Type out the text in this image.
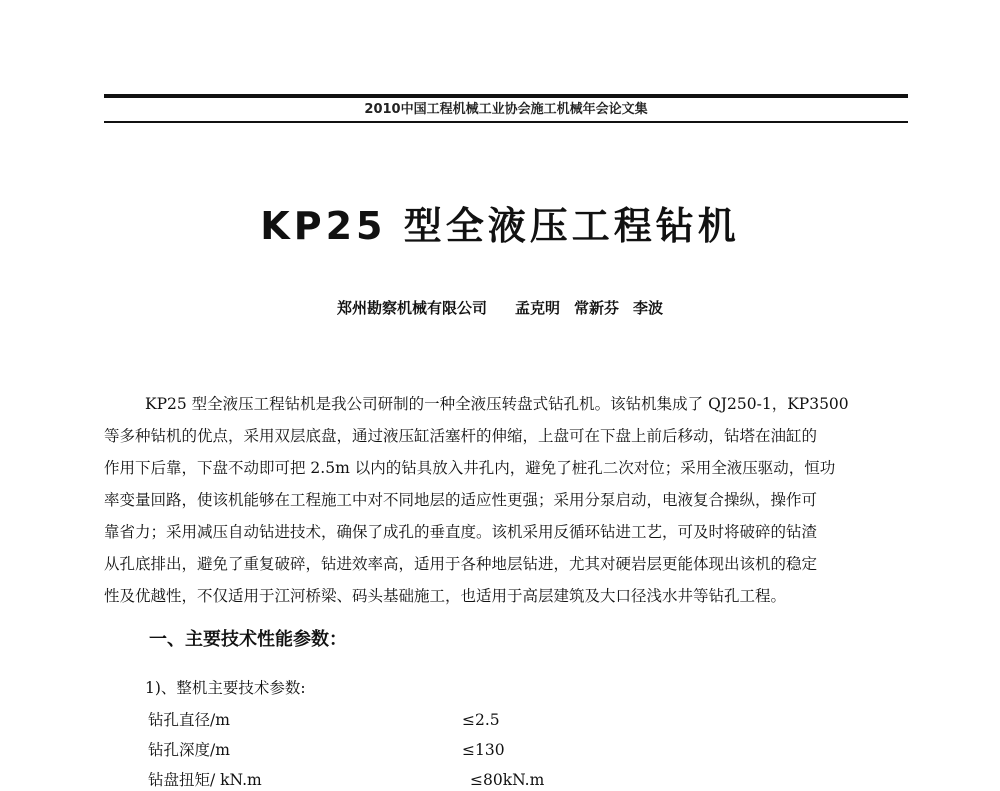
2010中国工程机械工业协会施工机械年会论文集
KP25 型全液压工程钻机
郑州勘察机械有限公司 孟克明 常新芬 李波
KP25 型全液压工程钻机是我公司研制的一种全液压转盘式钻孔机。该钻机集成了 QJ250-1，KP3500
等多种钻机的优点，采用双层底盘，通过液压缸活塞杆的伸缩，上盘可在下盘上前后移动，钻塔在油缸的
作用下后靠，下盘不动即可把 2.5m 以内的钻具放入井孔内，避免了桩孔二次对位；采用全液压驱动，恒功
率变量回路，使该机能够在工程施工中对不同地层的适应性更强；采用分泵启动，电液复合操纵，操作可
靠省力；采用减压自动钻进技术，确保了成孔的垂直度。该机采用反循环钻进工艺，可及时将破碎的钻渣
从孔底排出，避免了重复破碎，钻进效率高，适用于各种地层钻进，尤其对硬岩层更能体现出该机的稳定
性及优越性，不仅适用于江河桥梁、码头基础施工，也适用于高层建筑及大口径浅水井等钻孔工程。
一、主要技术性能参数：
1)、整机主要技术参数:
钻孔直径/m	≤2.5
钻孔深度/m	≤130
钻盘扭矩/ kN.m	≤80kN.m
